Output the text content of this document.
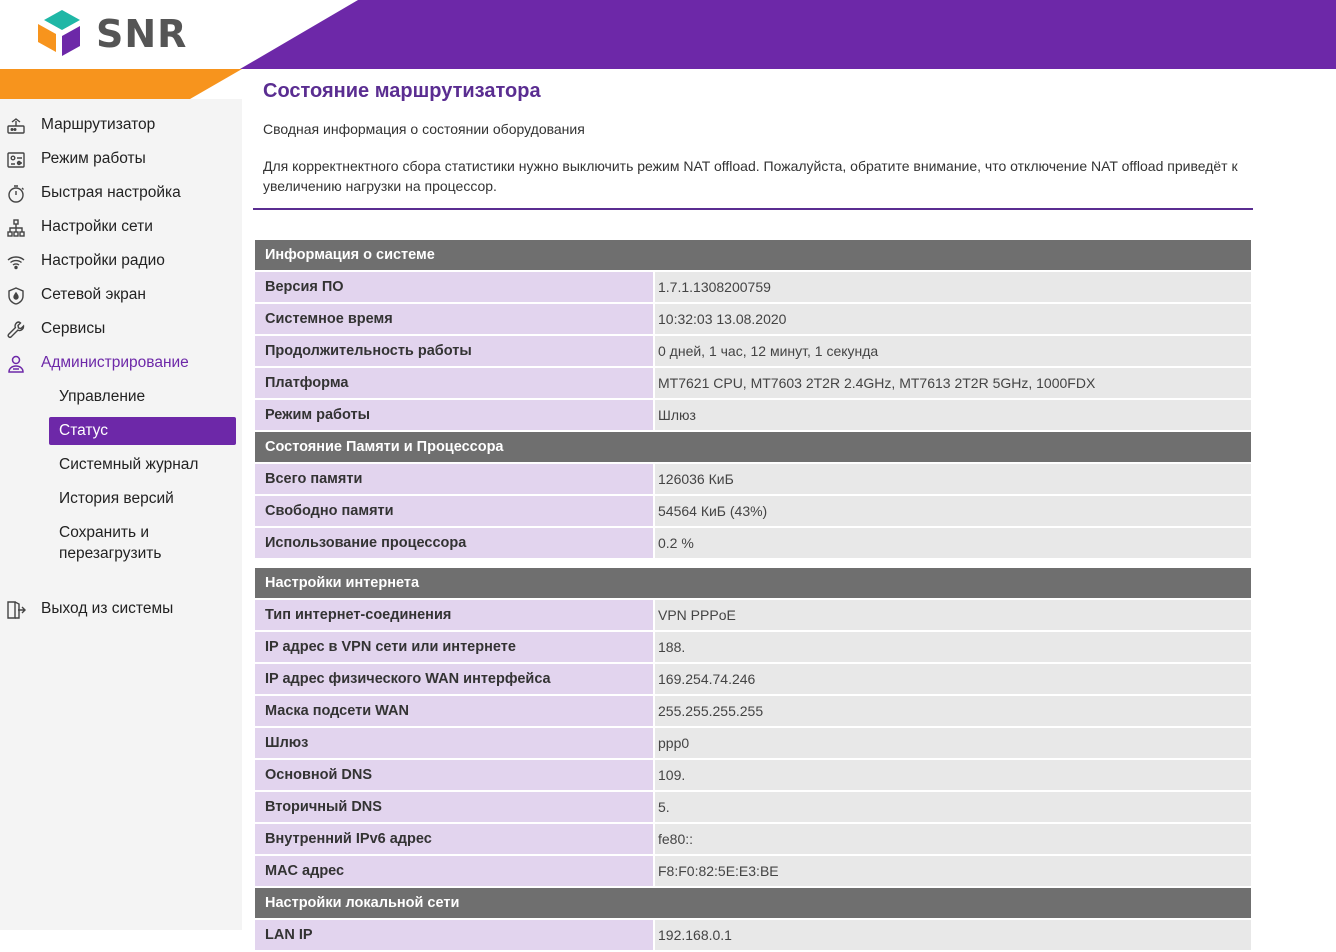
SNR
Маршрутизатор
Режим работы
Быстрая настройка
Настройки сети
Настройки радио
Сетевой экран
Сервисы
Администрирование
Управление
Статус
Системный журнал
История версий
Сохранить и перезагрузить
Выход из системы
Состояние маршрутизатора
Сводная информация о состоянии оборудования
Для корректнектного сбора статистики нужно выключить режим NAT offload. Пожалуйста, обратите внимание, что отключение NAT offload приведёт к увеличению нагрузки на процессор.
Информация о системе
Версия ПО	1.7.1.1308200759
Системное время	10:32:03 13.08.2020
Продолжительность работы	0 дней, 1 час, 12 минут, 1 секунда
Платформа	MT7621 CPU, MT7603 2T2R 2.4GHz, MT7613 2T2R 5GHz, 1000FDX
Режим работы	Шлюз
Состояние Памяти и Процессора
Всего памяти	126036 КиБ
Свободно памяти	54564 КиБ (43%)
Использование процессора	0.2 %
Настройки интернета
Тип интернет-соединения	VPN PPPoE
IP адрес в VPN сети или интернете	188.
IP адрес физического WAN интерфейса	169.254.74.246
Маска подсети WAN	255.255.255.255
Шлюз	ppp0
Основной DNS	109.
Вторичный DNS	5.
Внутренний IPv6 адрес	fe80::
MAC адрес	F8:F0:82:5E:E3:BE
Настройки локальной сети
LAN IP	192.168.0.1
